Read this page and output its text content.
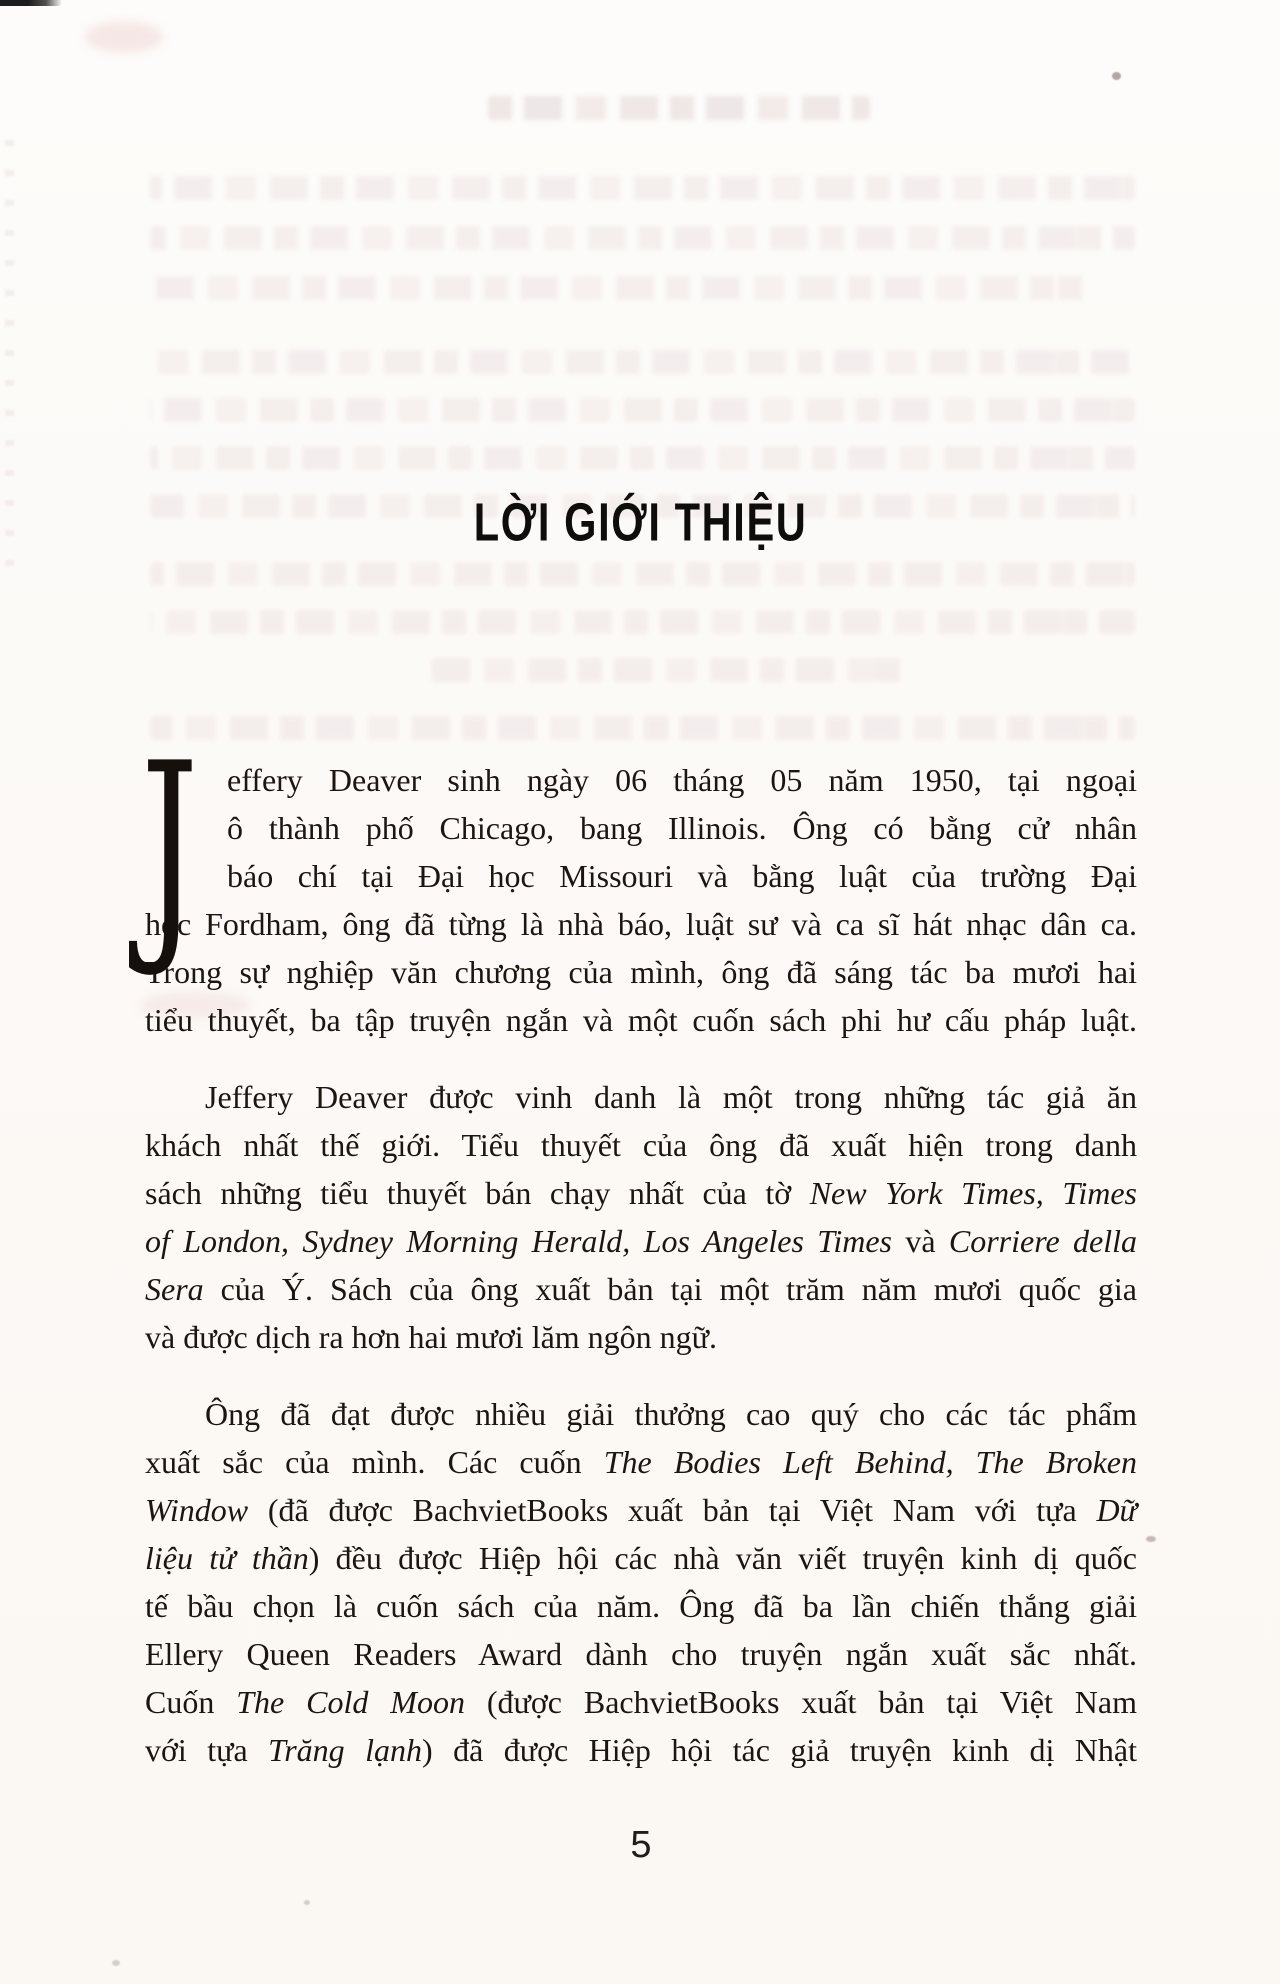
LỜI GIỚI THIỆU
J effery Deaver sinh ngày 06 tháng 05 năm 1950, tại ngoại
ô thành phố Chicago, bang Illinois. Ông có bằng cử nhân
báo chí tại Đại học Missouri và bằng luật của trường Đại
học Fordham, ông đã từng là nhà báo, luật sư và ca sĩ hát nhạc dân ca.
Trong sự nghiệp văn chương của mình, ông đã sáng tác ba mươi hai
tiểu thuyết, ba tập truyện ngắn và một cuốn sách phi hư cấu pháp luật.
Jeffery Deaver được vinh danh là một trong những tác giả ăn
khách nhất thế giới. Tiểu thuyết của ông đã xuất hiện trong danh
sách những tiểu thuyết bán chạy nhất của tờ New York Times, Times
of London, Sydney Morning Herald, Los Angeles Times và Corriere della
Sera của Ý. Sách của ông xuất bản tại một trăm năm mươi quốc gia
và được dịch ra hơn hai mươi lăm ngôn ngữ.
Ông đã đạt được nhiều giải thưởng cao quý cho các tác phẩm
xuất sắc của mình. Các cuốn The Bodies Left Behind, The Broken
Window (đã được BachvietBooks xuất bản tại Việt Nam với tựa Dữ
liệu tử thần) đều được Hiệp hội các nhà văn viết truyện kinh dị quốc
tế bầu chọn là cuốn sách của năm. Ông đã ba lần chiến thắng giải
Ellery Queen Readers Award dành cho truyện ngắn xuất sắc nhất.
Cuốn The Cold Moon (được BachvietBooks xuất bản tại Việt Nam
với tựa Trăng lạnh) đã được Hiệp hội tác giả truyện kinh dị Nhật
5
